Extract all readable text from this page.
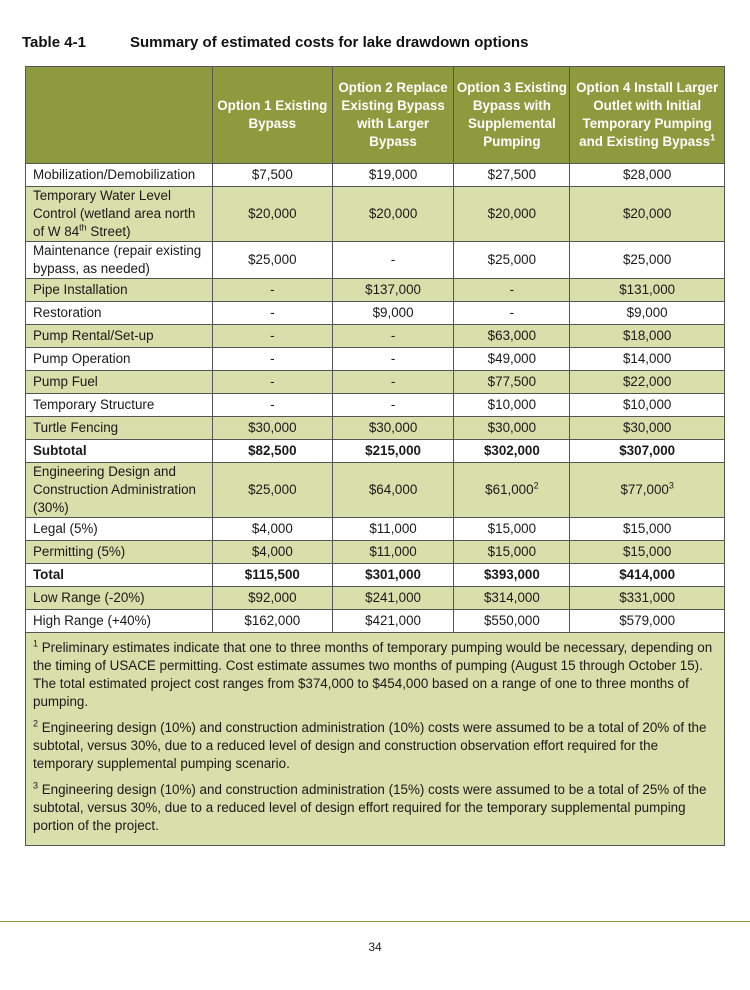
Table 4-1	Summary of estimated costs for lake drawdown options
	Option 1 Existing Bypass	Option 2 Replace Existing Bypass with Larger Bypass	Option 3 Existing Bypass with Supplemental Pumping	Option 4 Install Larger Outlet with Initial Temporary Pumping and Existing Bypass$^1$
Mobilization/Demobilization	$7,500	$19,000	$27,500	$28,000
Temporary Water Level Control (wetland area north of W 84th Street)	$20,000	$20,000	$20,000	$20,000
Maintenance (repair existing bypass, as needed)	$25,000	-	$25,000	$25,000
Pipe Installation	-	$137,000	-	$131,000
Restoration	-	$9,000	-	$9,000
Pump Rental/Set-up	-	-	$63,000	$18,000
Pump Operation	-	-	$49,000	$14,000
Pump Fuel	-	-	$77,500	$22,000
Temporary Structure	-	-	$10,000	$10,000
Turtle Fencing	$30,000	$30,000	$30,000	$30,000
Subtotal	$82,500	$215,000	$302,000	$307,000
Engineering Design and Construction Administration (30%)	$25,000	$64,000	$61,000$^2$	$77,000$^3$
Legal (5%)	$4,000	$11,000	$15,000	$15,000
Permitting (5%)	$4,000	$11,000	$15,000	$15,000
Total	$115,500	$301,000	$393,000	$414,000
Low Range (-20%)	$92,000	$241,000	$314,000	$331,000
High Range (+40%)	$162,000	$421,000	$550,000	$579,000

$^1$ Preliminary estimates indicate that one to three months of temporary pumping would be necessary, depending on the timing of USACE permitting. Cost estimate assumes two months of pumping (August 15 through October 15). The total estimated project cost ranges from $374,000 to $454,000 based on a range of one to three months of pumping.

$^2$ Engineering design (10%) and construction administration (10%) costs were assumed to be a total of 20% of the subtotal, versus 30%, due to a reduced level of design and construction observation effort required for the temporary supplemental pumping scenario.

$^3$ Engineering design (10%) and construction administration (15%) costs were assumed to be a total of 25% of the subtotal, versus 30%, due to a reduced level of design effort required for the temporary supplemental pumping portion of the project.				

34
